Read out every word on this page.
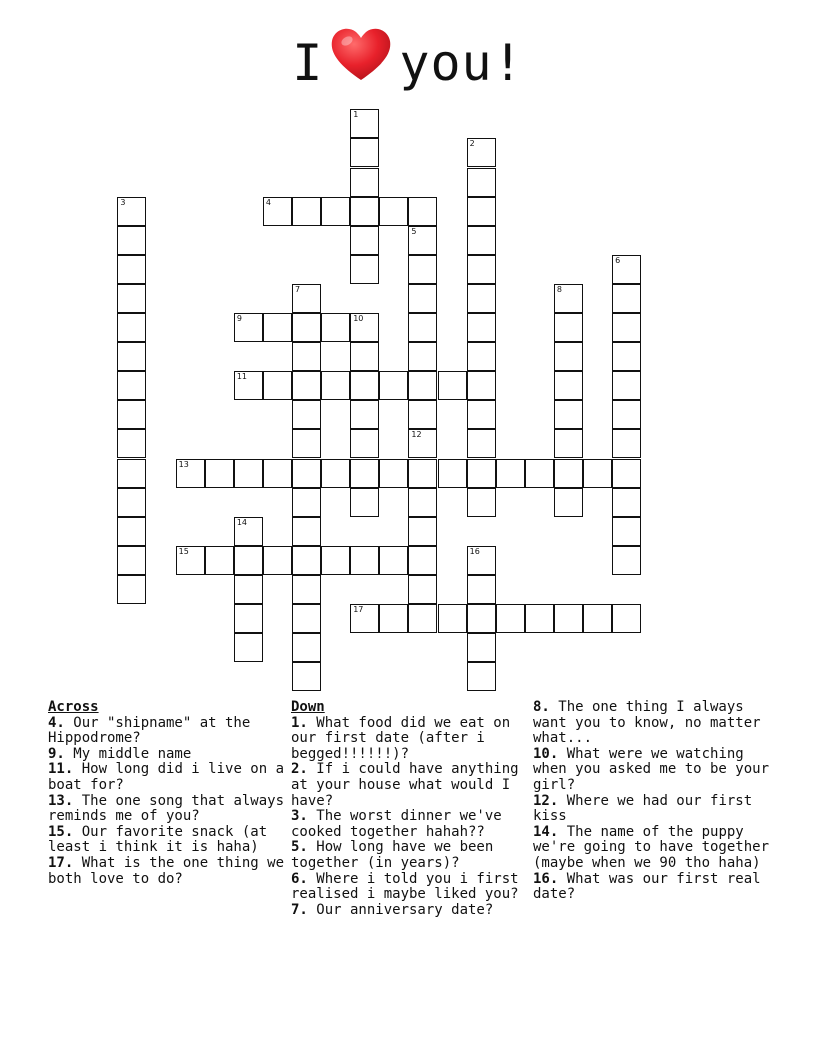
I you!
1
2
3	4
5
12
6
7	8
9	10
11
13
14
15	16
17
Across
4. Our "shipname" at the Hippodrome?
9. My middle name
11. How long did i live on a boat for?
13. The one song that always reminds me of you?
15. Our favorite snack (at least i think it is haha)
17. What is the one thing we both love to do?
Down
1. What food did we eat on our first date (after i begged!!!!!!)?
2. If i could have anything at your house what would I have?
3. The worst dinner we've cooked together hahah??
5. How long have we been together (in years)?
6. Where i told you i first realised i maybe liked you?
7. Our anniversary date?
8. The one thing I always want you to know, no matter what...
10. What were we watching when you asked me to be your girl?
12. Where we had our first kiss
14. The name of the puppy we're going to have together (maybe when we 90 tho haha)
16. What was our first real date?
